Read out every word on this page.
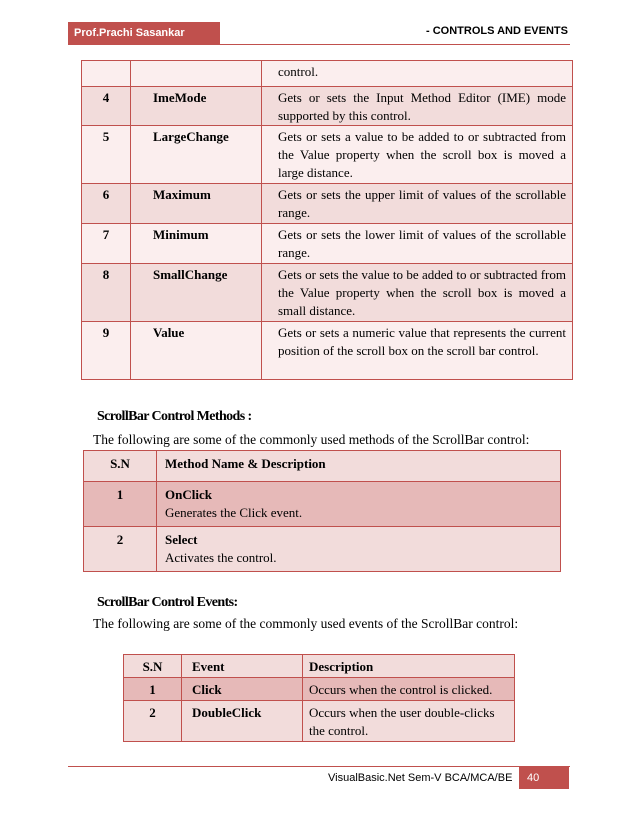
Prof.Prachi Sasankar	- CONTROLS AND EVENTS
		control.
4	ImeMode	Gets or sets the Input Method Editor (IME) mode supported by this control.
5	LargeChange	Gets or sets a value to be added to or subtracted from the Value property when the scroll box is moved a large distance.
6	Maximum	Gets or sets the upper limit of values of the scrollable range.
7	Minimum	Gets or sets the lower limit of values of the scrollable range.
8	SmallChange	Gets or sets the value to be added to or subtracted from the Value property when the scroll box is moved a small distance.
9	Value	Gets or sets a numeric value that represents the current position of the scroll box on the scroll bar control.
ScrollBar Control Methods :
The following are some of the commonly used methods of the ScrollBar control:
S.N	Method Name & Description
1	OnClick
Generates the Click event.
2	Select
Activates the control.
ScrollBar Control Events:
The following are some of the commonly used events of the ScrollBar control:
S.N	Event	Description
1	Click	Occurs when the control is clicked.
2	DoubleClick	Occurs when the user double-clicks the control.
VisualBasic.Net Sem-V BCA/MCA/BE	40
